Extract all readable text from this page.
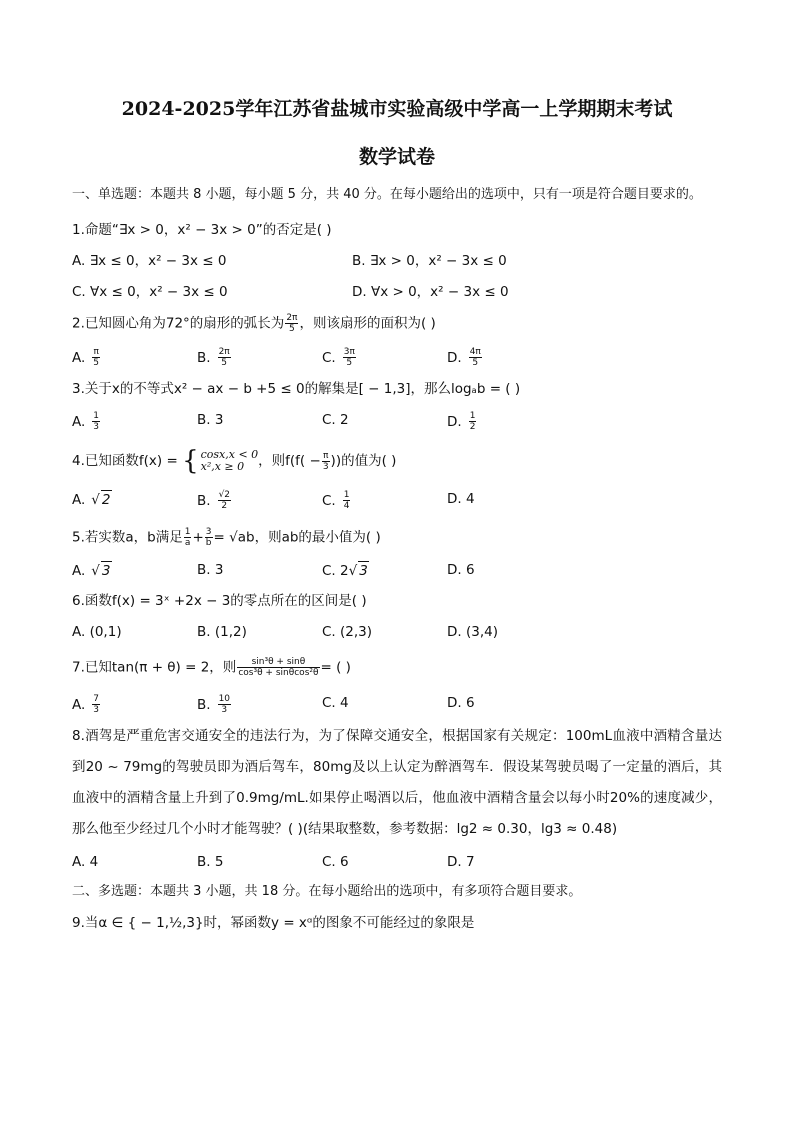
2024-2025学年江苏省盐城市实验高级中学高一上学期期末考试
数学试卷
一、单选题：本题共 8 小题，每小题 5 分，共 40 分。在每小题给出的选项中，只有一项是符合题目要求的。
1.命题“∃x > 0，x² − 3x > 0”的否定是( )
A. ∃x ≤ 0，x² − 3x ≤ 0	B. ∃x > 0，x² − 3x ≤ 0
C. ∀x ≤ 0，x² − 3x ≤ 0	D. ∀x > 0，x² − 3x ≤ 0
2.已知圆心角为72°的扇形的弧长为 $\frac{2\pi}{5}$ ，则该扇形的面积为( )
A. $\frac{\pi}{5}$	B. $\frac{2\pi}{5}$	C. $\frac{3\pi}{5}$	D. $\frac{4\pi}{5}$
3.关于x的不等式x² − ax − b +5 ≤ 0的解集是[ − 1,3]，那么logₐb = ( )
A. $\frac{1}{3}$	B. 3	C. 2	D. $\frac{1}{2}$
4.已知函数f(x) = { cosx,x < 0
x²,x ≥ 0	，则$f(f( - \frac{\pi}{3}$ ))的值为( )
A. √ 2	B. $\frac{√2}{2}$	C. $\frac{1}{4}$	D. 4
5.若实数a，b满足 $\frac{1}{a} + \frac{3}{b} = √ab$，则ab的最小值为( )
A. √ 3	B. 3	C. 2√ 3	D. 6
6.函数f(x) = 3ˣ +2x − 3的零点所在的区间是( )
A. (0,1)	B. (1,2)	C. (2,3)	D. (3,4)
7.已知tan(π + θ) = 2，则 $\frac{\text{sin³θ + sinθ}}{\text{cos³θ + sinθcos²θ}}$ = ( )
A. $\frac{7}{3}$	B. $\frac{10}{3}$	C. 4	D. 6
8.酒驾是严重危害交通安全的违法行为，为了保障交通安全，根据国家有关规定：100mL血液中酒精含量达到20 ~ 79mg的驾驶员即为酒后驾车，80mg及以上认定为醉酒驾车．假设某驾驶员喝了一定量的酒后，其血液中的酒精含量上升到了0.9mg/mL.如果停止喝酒以后，他血液中酒精含量会以每小时20%的速度减少，那么他至少经过几个小时才能驾驶？( )(结果取整数，参考数据：lg2 ≈ 0.30，lg3 ≈ 0.48)
A. 4	B. 5	C. 6	D. 7
二、多选题：本题共 3 小题，共 18 分。在每小题给出的选项中，有多项符合题目要求。
9.当α ∈ { − 1,½,3}时，幂函数y = xᵅ的图象不可能经过的象限是
